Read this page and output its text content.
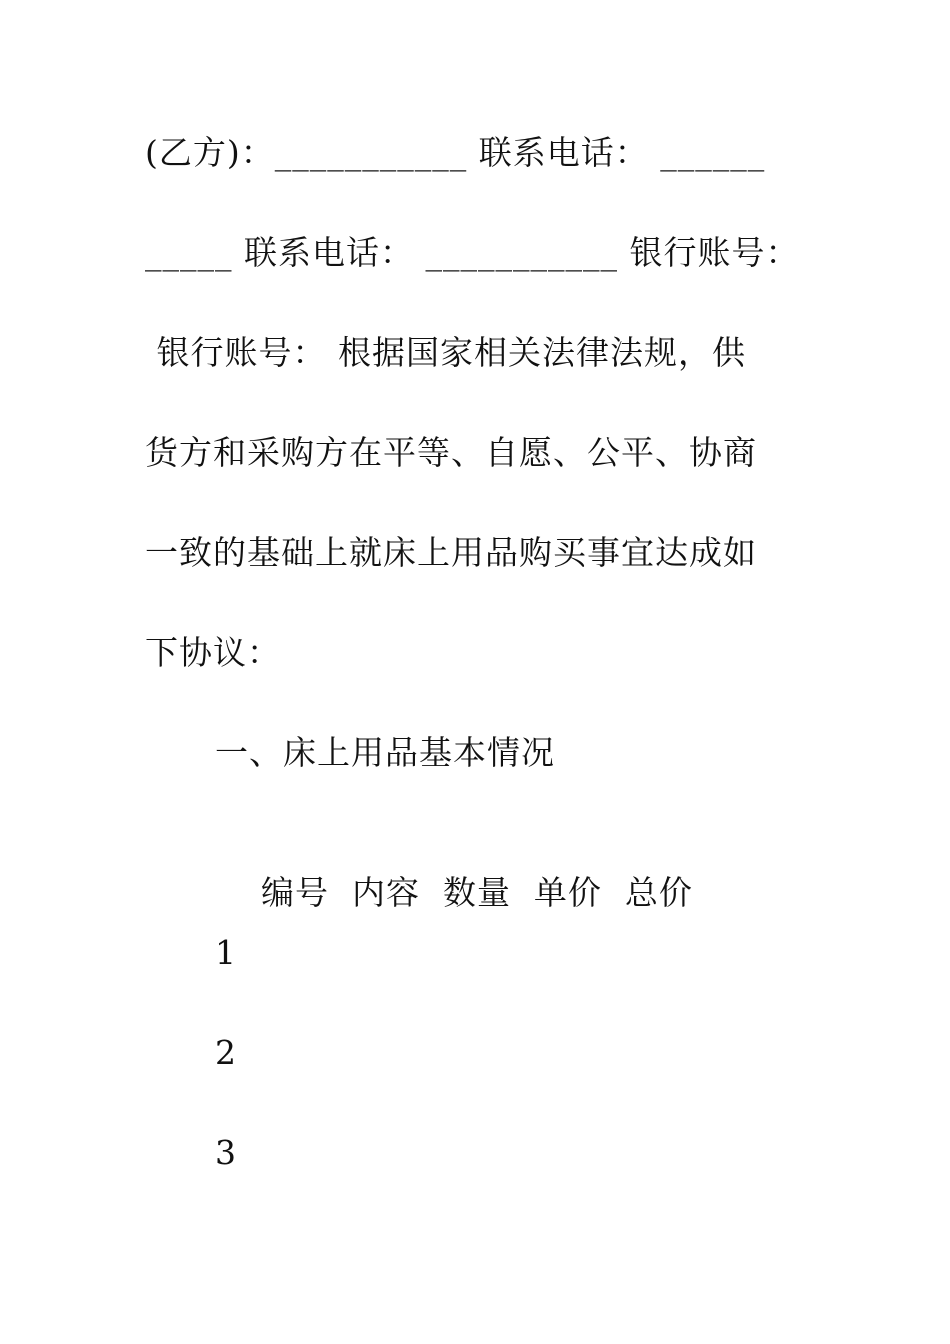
(乙方)：___________ 联系电话： ______
_____ 联系电话： ___________ 银行账号：
银行账号： 根据国家相关法律法规，供
货方和采购方在平等、自愿、公平、协商
一致的基础上就床上用品购买事宜达成如
下协议：
一、床上用品基本情况

编号 内容 数量 单价 总价

1
2
3
